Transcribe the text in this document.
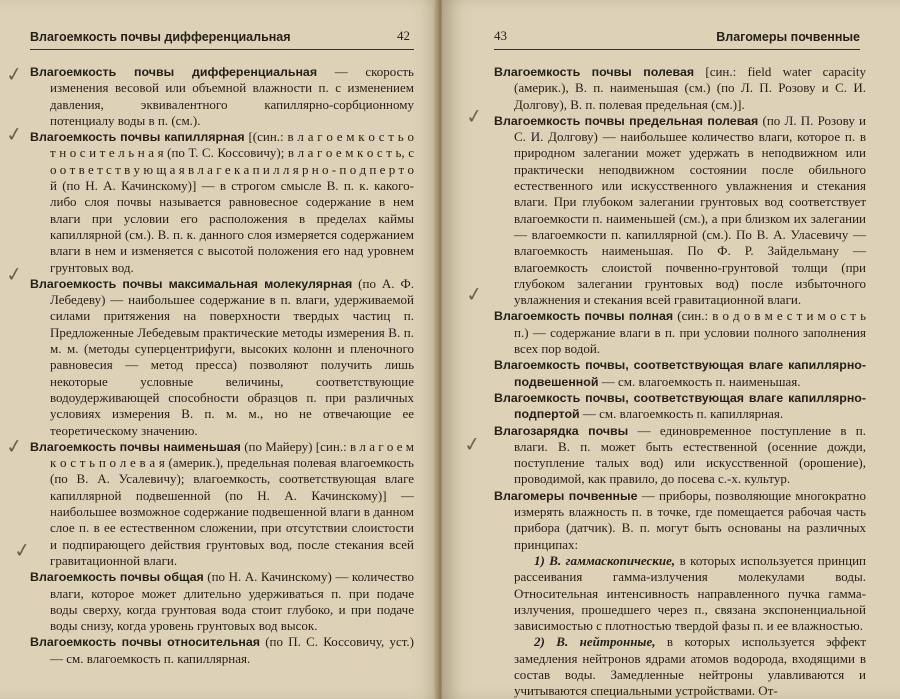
Влагоемкость почвы дифференциальная	42

Влагоемкость почвы дифференциальная — скорость изменения весовой или объемной влажности п. с изменением давления, эквивалентного капиллярно-сорбционному потенциалу воды в п. (см.).

Влагоемкость почвы капиллярная [(син.: в л а г о е м к о с т ь о т н о с и т е л ь н а я (по Т. С. Коссовичу); в л а г о е м к о с т ь, с о о т в е т с т в у ю щ а я в л а г е к а п и л л я р н о - п о д п е р т о й (по Н. А. Качинскому)] — в строгом смысле В. п. к. какого-либо слоя почвы называется равновесное содержание в нем влаги при условии его расположения в пределах каймы капиллярной (см.). В. п. к. данного слоя измеряется содержанием влаги в нем и изменяется с высотой положения его над уровнем грунтовых вод.

Влагоемкость почвы максимальная молекулярная (по А. Ф. Лебедеву) — наибольшее содержание в п. влаги, удерживаемой силами притяжения на поверхности твердых частиц п. Предложенные Лебедевым практические методы измерения В. п. м. м. (методы суперцентрифуги, высоких колонн и пленочного равновесия — метод пресса) позволяют получить лишь некоторые условные величины, соответствующие водоудерживающей способности образцов п. при различных условиях измерения В. п. м. м., но не отвечающие ее теоретическому значению.

Влагоемкость почвы наименьшая (по Майеру) [син.: в л а г о е м к о с т ь п о л е в а я (америк.), предельная полевая влагоемкость (по В. А. Усалевичу); влагоемкость, соответствующая влаге капиллярной подвешенной (по Н. А. Качинскому)] — наибольшее возможное содержание подвешенной влаги в данном слое п. в ее естественном сложении, при отсутствии слоистости и подпирающего действия грунтовых вод, после стекания всей гравитационной влаги.

Влагоемкость почвы общая (по Н. А. Качинскому) — количество влаги, которое может длительно удерживаться п. при подаче воды сверху, когда грунтовая вода стоит глубоко, и при подаче воды снизу, когда уровень грунтовых вод высок.

Влагоемкость почвы относительная (по П. С. Коссовичу, уст.) — см. влагоемкость п. капиллярная.

✓
✓
✓
✓
✓
43	Влагомеры почвенные

Влагоемкость почвы полевая [син.: field water capacity (америк.), В. п. наименьшая (см.) (по Л. П. Розову и С. И. Долгову), В. п. полевая предельная (см.)].

Влагоемкость почвы предельная полевая (по Л. П. Розову и С. И. Долгову) — наибольшее количество влаги, которое п. в природном залегании может удержать в неподвижном или практически неподвижном состоянии после обильного естественного или искусственного увлажнения и стекания влаги. При глубоком залегании грунтовых вод соответствует влагоемкости п. наименьшей (см.), а при близком их залегании — влагоемкости п. капиллярной (см.). По В. А. Уласевичу — влагоемкость наименьшая. По Ф. Р. Зайдельману — влагоемкость слоистой почвенно-грунтовой толщи (при глубоком залегании грунтовых вод) после избыточного увлажнения и стекания всей гравитационной влаги.

Влагоемкость почвы полная (син.: в о д о в м е с т и м о с т ь п.) — содержание влаги в п. при условии полного заполнения всех пор водой.

Влагоемкость почвы, соответствующая влаге капиллярно-подвешенной — см. влагоемкость п. наименьшая.

Влагоемкость почвы, соответствующая влаге капиллярно-подпертой — см. влагоемкость п. капиллярная.

Влагозарядка почвы — единовременное поступление в п. влаги. В. п. может быть естественной (осенние дожди, поступление талых вод) или искусственной (орошение), проводимой, как правило, до посева с.-х. культур.

Влагомеры почвенные — приборы, позволяющие многократно измерять влажность п. в точке, где помещается рабочая часть прибора (датчик). В. п. могут быть основаны на различных принципах:

1) В. гаммаскопические, в которых используется принцип рассеивания гамма-излучения молекулами воды. Относительная интенсивность направленного пучка гамма-излучения, прошедшего через п., связана экспоненциальной зависимостью с плотностью твердой фазы п. и ее влажностью.

2) В. нейтронные, в которых используется эффект замедления нейтронов ядрами атомов водорода, входящими в состав воды. Замедленные нейтроны улавливаются и учитываются специальными устройствами. От-

✓
✓
✓
